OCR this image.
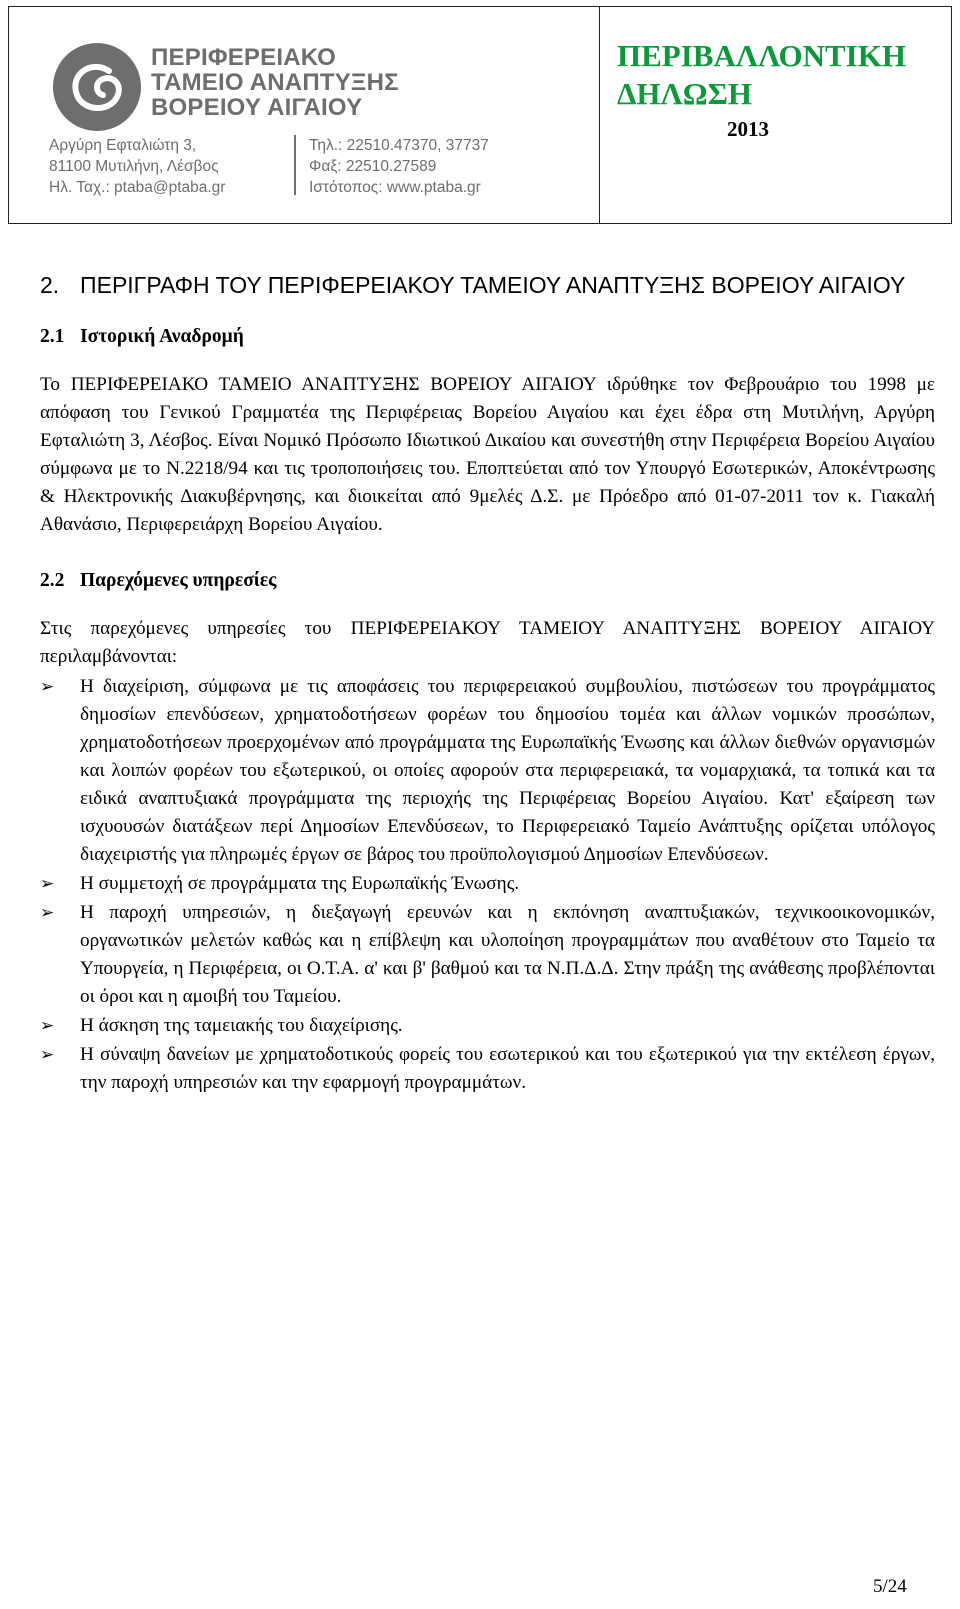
ΠΕΡΙΦΕΡΕΙΑΚΟ
ΤΑΜΕΙΟ ΑΝΑΠΤΥΞΗΣ
ΒΟΡΕΙΟΥ ΑΙΓΑΙΟΥ
Αργύρη Εφταλιώτη 3,
81100 Μυτιλήνη, Λέσβος
Ηλ. Ταχ.: ptaba@ptaba.gr
Τηλ.: 22510.47370, 37737
Φαξ: 22510.27589
Ιστότοπος: www.ptaba.gr
ΠΕΡΙΒΑΛΛΟΝΤΙΚΗ
ΔΗΛΩΣΗ
2013
2. ΠΕΡΙΓΡΑΦΗ ΤΟΥ ΠΕΡΙΦΕΡΕΙΑΚΟΥ ΤΑΜΕΙΟΥ ΑΝΑΠΤΥΞΗΣ ΒΟΡΕΙΟΥ ΑΙΓΑΙΟΥ
2.1 Ιστορική Αναδρομή

Το ΠΕΡΙΦΕΡΕΙΑΚΟ ΤΑΜΕΙΟ ΑΝΑΠΤΥΞΗΣ ΒΟΡΕΙΟΥ ΑΙΓΑΙΟΥ ιδρύθηκε τον Φεβρουάριο του 1998 με απόφαση του Γενικού Γραμματέα της Περιφέρειας Βορείου Αιγαίου και έχει έδρα στη Μυτιλήνη, Αργύρη Εφταλιώτη 3, Λέσβος. Είναι Νομικό Πρόσωπο Ιδιωτικού Δικαίου και συνεστήθη στην Περιφέρεια Βορείου Αιγαίου σύμφωνα με το Ν.2218/94 και τις τροποποιήσεις του. Εποπτεύεται από τον Υπουργό Εσωτερικών, Αποκέντρωσης & Ηλεκτρονικής Διακυβέρνησης, και διοικείται από 9μελές Δ.Σ. με Πρόεδρο από 01-07-2011 τον κ. Γιακαλή Αθανάσιο, Περιφερειάρχη Βορείου Αιγαίου.

2.2 Παρεχόμενες υπηρεσίες

Στις παρεχόμενες υπηρεσίες του ΠΕΡΙΦΕΡΕΙΑΚΟΥ ΤΑΜΕΙΟΥ ΑΝΑΠΤΥΞΗΣ ΒΟΡΕΙΟΥ ΑΙΓΑΙΟΥ περιλαμβάνονται:

➢ Η διαχείριση, σύμφωνα με τις αποφάσεις του περιφερειακού συμβουλίου, πιστώσεων του προγράμματος δημοσίων επενδύσεων, χρηματοδοτήσεων φορέων του δημοσίου τομέα και άλλων νομικών προσώπων, χρηματοδοτήσεων προερχομένων από προγράμματα της Ευρωπαϊκής Ένωσης και άλλων διεθνών οργανισμών και λοιπών φορέων του εξωτερικού, οι οποίες αφορούν στα περιφερειακά, τα νομαρχιακά, τα τοπικά και τα ειδικά αναπτυξιακά προγράμματα της περιοχής της Περιφέρειας Βορείου Αιγαίου. Κατ' εξαίρεση των ισχυουσών διατάξεων περί Δημοσίων Επενδύσεων, το Περιφερειακό Ταμείο Ανάπτυξης ορίζεται υπόλογος διαχειριστής για πληρωμές έργων σε βάρος του προϋπολογισμού Δημοσίων Επενδύσεων.
➢ Η συμμετοχή σε προγράμματα της Ευρωπαϊκής Ένωσης.
➢ Η παροχή υπηρεσιών, η διεξαγωγή ερευνών και η εκπόνηση αναπτυξιακών, τεχνικοοικονομικών, οργανωτικών μελετών καθώς και η επίβλεψη και υλοποίηση προγραμμάτων που αναθέτουν στο Ταμείο τα Υπουργεία, η Περιφέρεια, οι Ο.Τ.Α. α' και β' βαθμού και τα Ν.Π.Δ.Δ. Στην πράξη της ανάθεσης προβλέπονται οι όροι και η αμοιβή του Ταμείου.
➢ Η άσκηση της ταμειακής του διαχείρισης.
➢ Η σύναψη δανείων με χρηματοδοτικούς φορείς του εσωτερικού και του εξωτερικού για την εκτέλεση έργων, την παροχή υπηρεσιών και την εφαρμογή προγραμμάτων.
5/24
